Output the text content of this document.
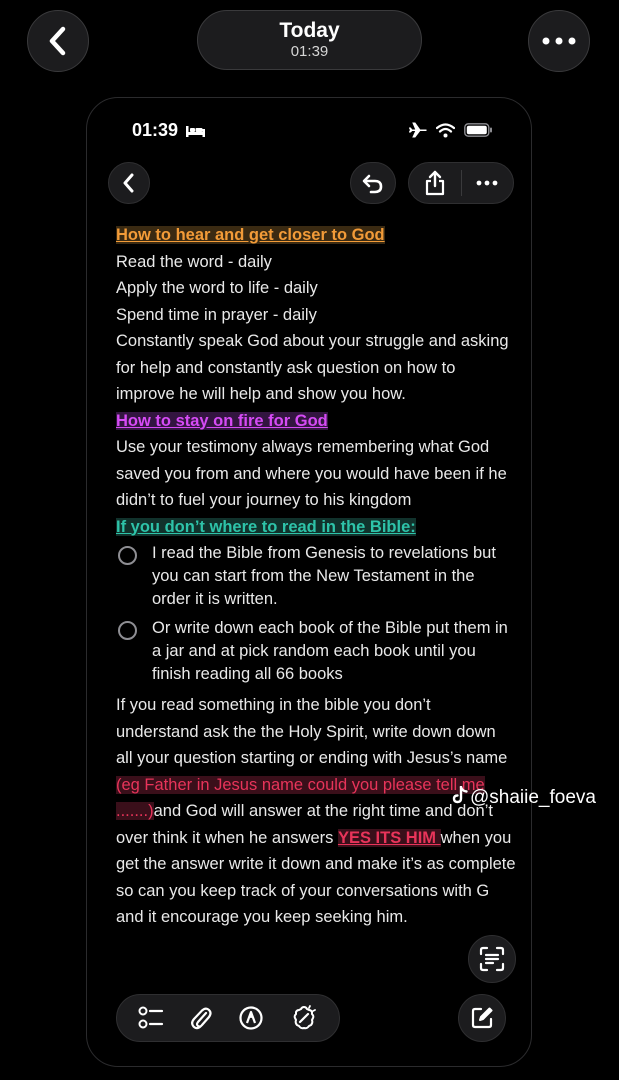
Today
01:39
01:39

How to hear and get closer to God

Read the word - daily

Apply the word to life - daily

Spend time in prayer - daily

Constantly speak God about your struggle and asking for help and constantly ask question on how to improve he will help and show you how.

How to stay on fire for God

Use your testimony always remembering what God saved you from and where you would have been if he didn’t to fuel your journey to his kingdom

If you don’t where to read in the Bible:

I read the Bible from Genesis to revelations but you can start from the New Testament in the order it is written.
Or write down each book of the Bible put them in a jar and at pick random each book until you finish reading all 66 books

If you read something in the bible you don’t understand ask the the Holy Spirit, write down down all your question starting or ending with Jesus’s name (eg Father in Jesus name could you please tell me .......)and God will answer at the right time and don’t over think it when he answers YES ITS HIM when you get the answer write it down and make it’s as complete so can you keep track of your conversations with G and it encourage you keep seeking him.

@shaiie_foeva
